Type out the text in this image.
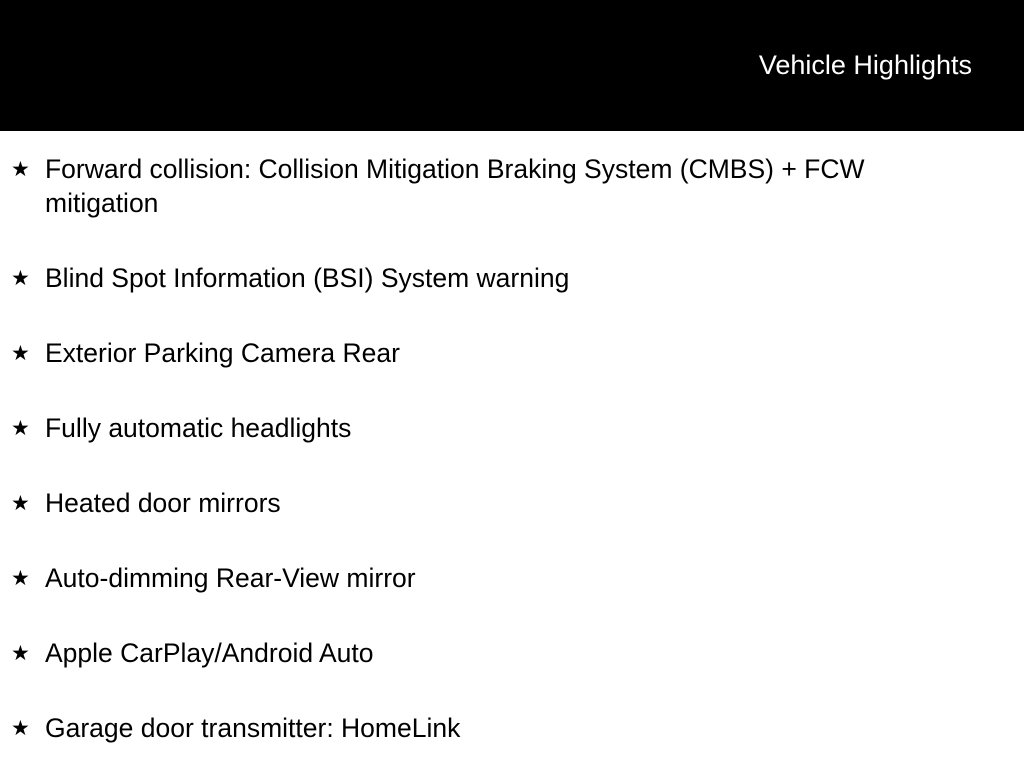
Vehicle Highlights
★ Forward collision: Collision Mitigation Braking System (CMBS) + FCW mitigation
★ Blind Spot Information (BSI) System warning
★ Exterior Parking Camera Rear
★ Fully automatic headlights
★ Heated door mirrors
★ Auto-dimming Rear-View mirror
★ Apple CarPlay/Android Auto
★ Garage door transmitter: HomeLink
